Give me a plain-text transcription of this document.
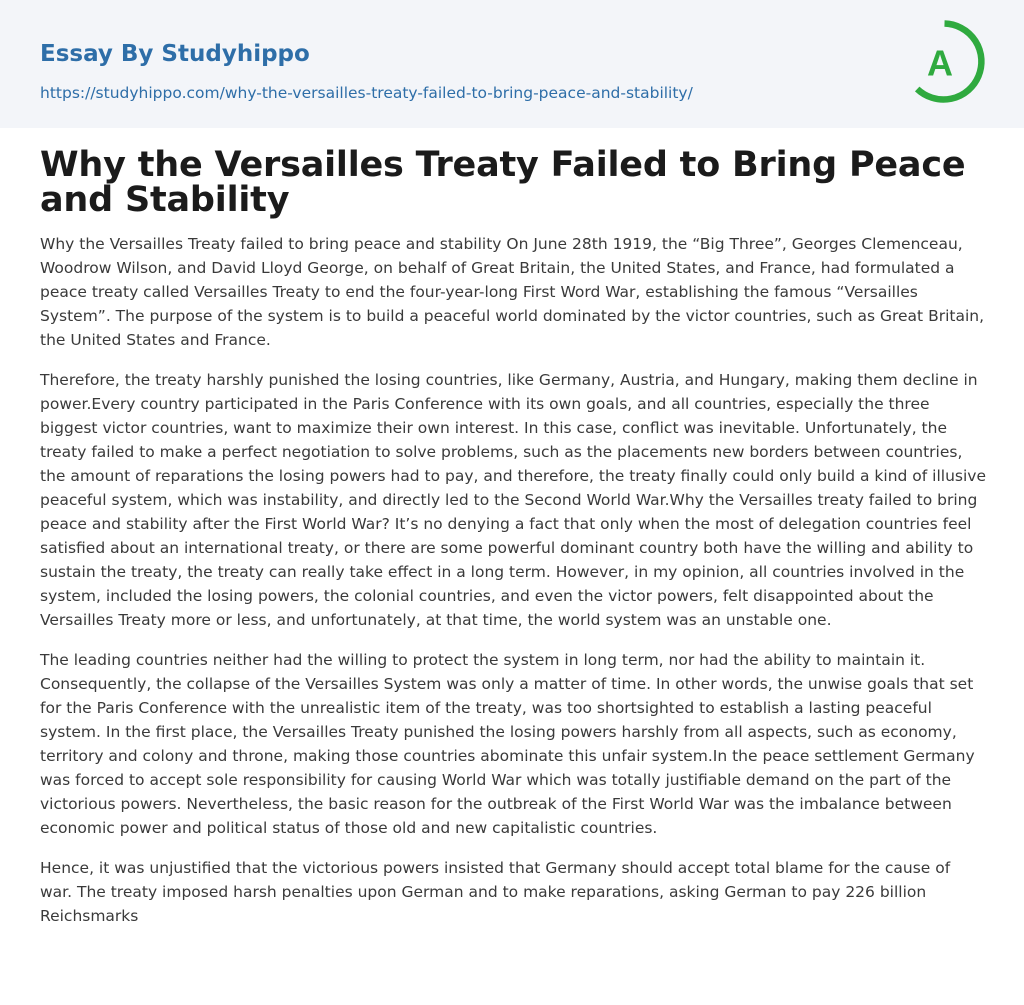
Essay By Studyhippo
https://studyhippo.com/why-the-versailles-treaty-failed-to-bring-peace-and-stability/
A
Why the Versailles Treaty Failed to Bring Peace and Stability

Why the Versailles Treaty failed to bring peace and stability On June 28th 1919, the “Big Three”, Georges Clemenceau, Woodrow Wilson, and David Lloyd George, on behalf of Great Britain, the United States, and France, had formulated a peace treaty called Versailles Treaty to end the four-year-long First Word War, establishing the famous “Versailles System”. The purpose of the system is to build a peaceful world dominated by the victor countries, such as Great Britain, the United States and France.

Therefore, the treaty harshly punished the losing countries, like Germany, Austria, and Hungary, making them decline in power.Every country participated in the Paris Conference with its own goals, and all countries, especially the three biggest victor countries, want to maximize their own interest. In this case, conflict was inevitable. Unfortunately, the treaty failed to make a perfect negotiation to solve problems, such as the placements new borders between countries, the amount of reparations the losing powers had to pay, and therefore, the treaty finally could only build a kind of illusive peaceful system, which was instability, and directly led to the Second World War.Why the Versailles treaty failed to bring peace and stability after the First World War? It’s no denying a fact that only when the most of delegation countries feel satisfied about an international treaty, or there are some powerful dominant country both have the willing and ability to sustain the treaty, the treaty can really take effect in a long term. However, in my opinion, all countries involved in the system, included the losing powers, the colonial countries, and even the victor powers, felt disappointed about the Versailles Treaty more or less, and unfortunately, at that time, the world system was an unstable one.

The leading countries neither had the willing to protect the system in long term, nor had the ability to maintain it. Consequently, the collapse of the Versailles System was only a matter of time. In other words, the unwise goals that set for the Paris Conference with the unrealistic item of the treaty, was too shortsighted to establish a lasting peaceful system. In the first place, the Versailles Treaty punished the losing powers harshly from all aspects, such as economy, territory and colony and throne, making those countries abominate this unfair system.In the peace settlement Germany was forced to accept sole responsibility for causing World War which was totally justifiable demand on the part of the victorious powers. Nevertheless, the basic reason for the outbreak of the First World War was the imbalance between economic power and political status of those old and new capitalistic countries.

Hence, it was unjustified that the victorious powers insisted that Germany should accept total blame for the cause of war. The treaty imposed harsh penalties upon German and to make reparations, asking German to pay 226 billion Reichsmarks
